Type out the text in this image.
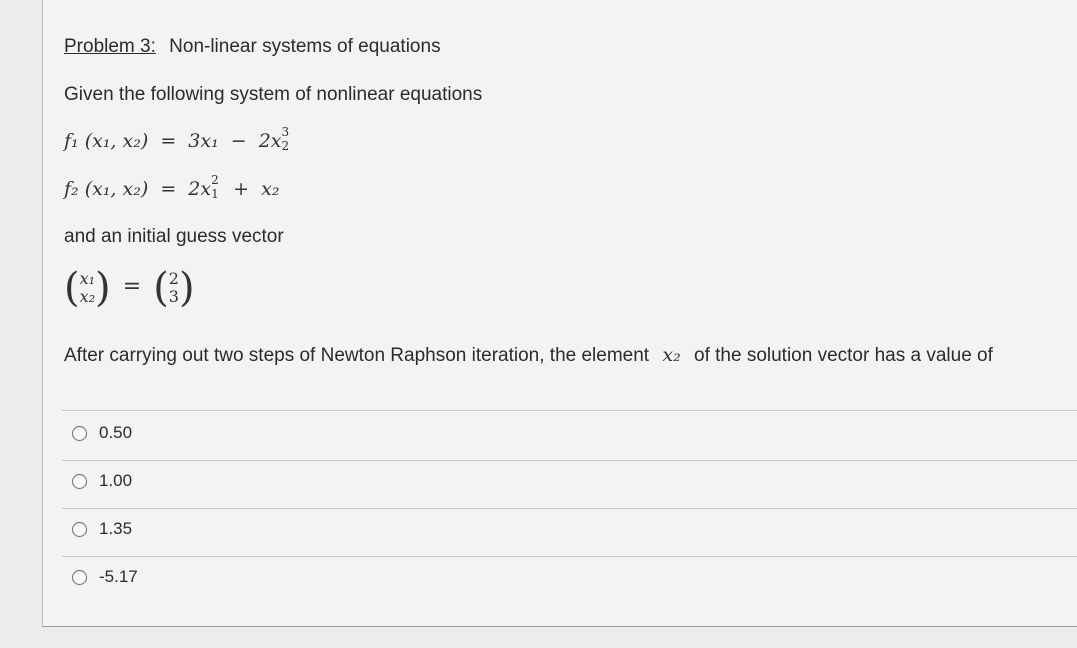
Problem 3: Non-linear systems of equations
Given the following system of nonlinear equations
f₁ (x₁, x₂) = 3x₁ − 2x 3
2
f₂ (x₁, x₂) = 2x 2
1 + x₂
and an initial guess vector
( x₁
x₂ ) = ( 2
3 )
After carrying out two steps of Newton Raphson iteration, the element x₂ of the solution vector has a value of
0.50
1.00
1.35
-5.17
